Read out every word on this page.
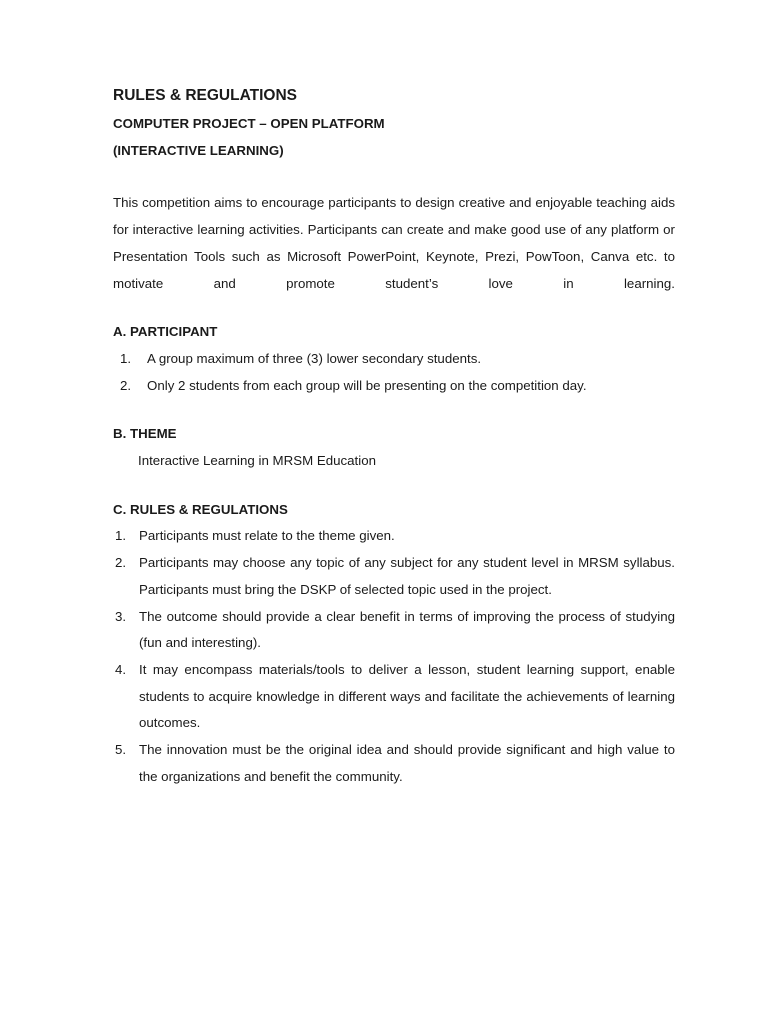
RULES & REGULATIONS
COMPUTER PROJECT – OPEN PLATFORM
(INTERACTIVE LEARNING)

This competition aims to encourage participants to design creative and enjoyable teaching aids for interactive learning activities. Participants can create and make good use of any platform or Presentation Tools such as Microsoft PowerPoint, Keynote, Prezi, PowToon, Canva etc. to motivate and promote student’s love in learning.

A. PARTICIPANT
1. A group maximum of three (3) lower secondary students.
2. Only 2 students from each group will be presenting on the competition day.
B. THEME
Interactive Learning in MRSM Education
C. RULES & REGULATIONS
1. Participants must relate to the theme given.
2. Participants may choose any topic of any subject for any student level in MRSM syllabus. Participants must bring the DSKP of selected topic used in the project.
3. The outcome should provide a clear benefit in terms of improving the process of studying (fun and interesting).
4. It may encompass materials/tools to deliver a lesson, student learning support, enable students to acquire knowledge in different ways and facilitate the achievements of learning outcomes.
5. The innovation must be the original idea and should provide significant and high value to the organizations and benefit the community.
